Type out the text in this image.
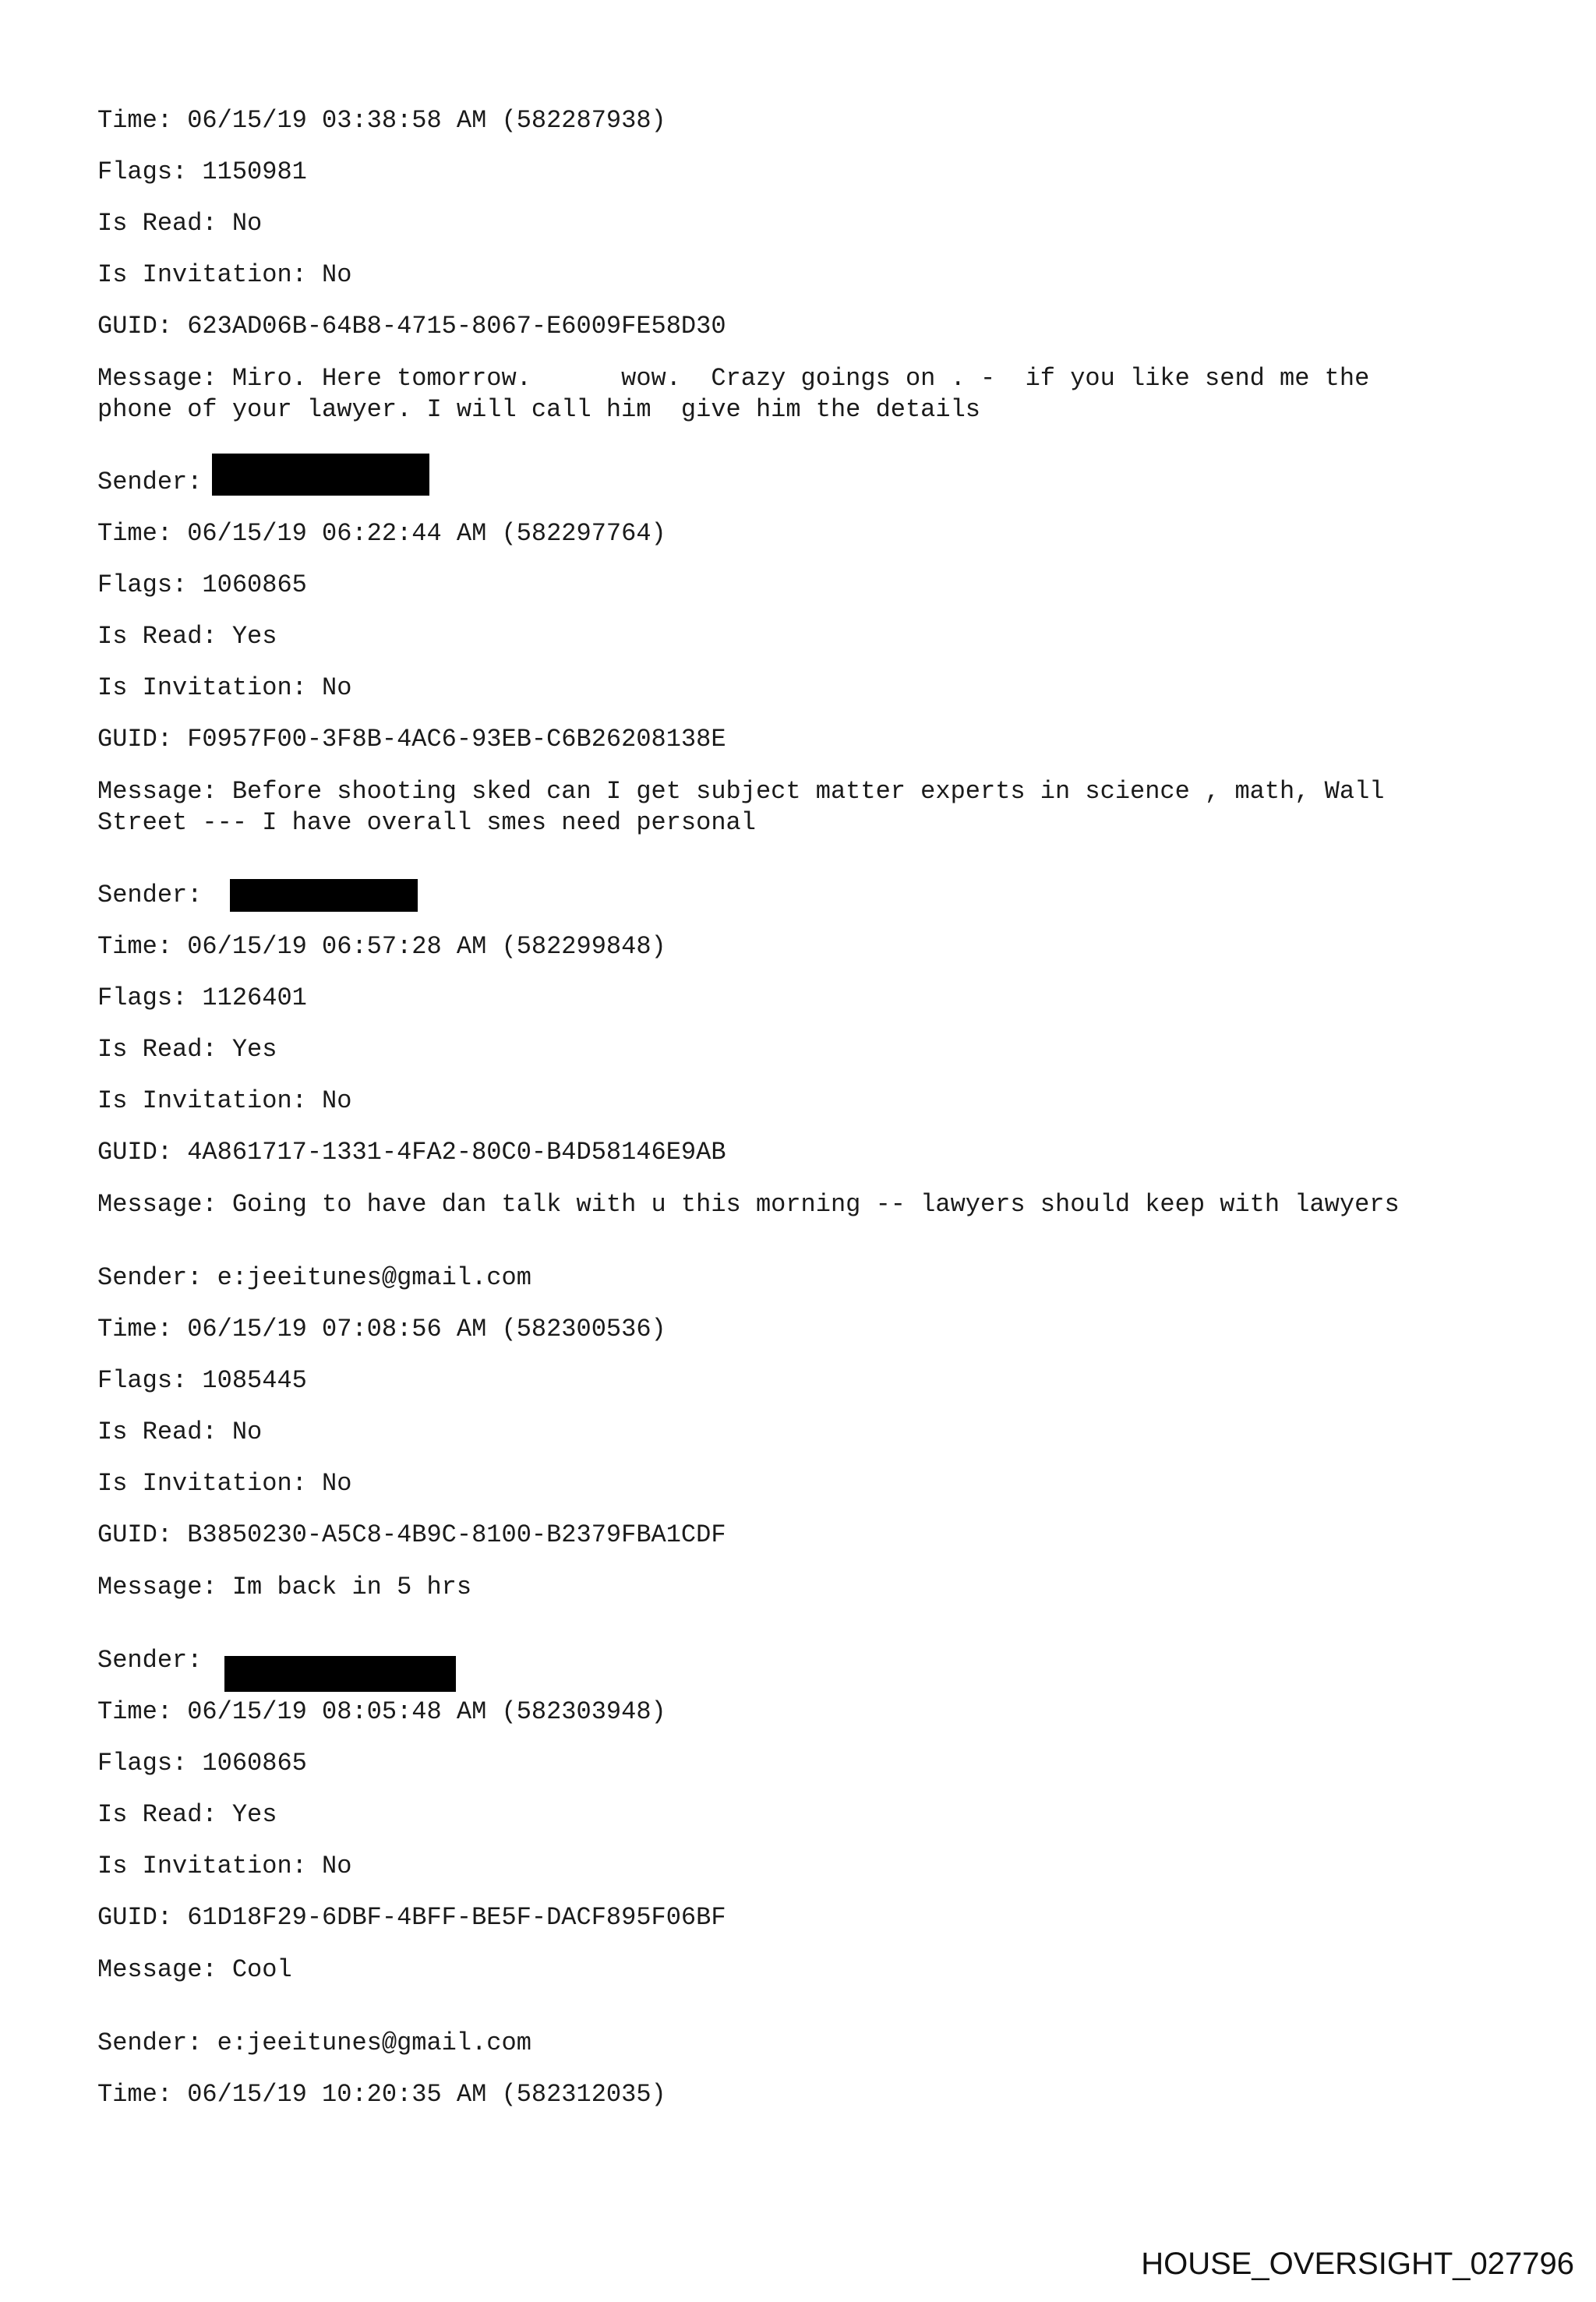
Time: 06/15/19 03:38:58 AM (582287938)
Flags: 1150981
Is Read: No
Is Invitation: No
GUID: 623AD06B-64B8-4715-8067-E6009FE58D30
Message: Miro. Here tomorrow.      wow.  Crazy goings on . -  if you like send me the
phone of your lawyer. I will call him  give him the details
Sender:
Time: 06/15/19 06:22:44 AM (582297764)
Flags: 1060865
Is Read: Yes
Is Invitation: No
GUID: F0957F00-3F8B-4AC6-93EB-C6B26208138E
Message: Before shooting sked can I get subject matter experts in science , math, Wall
Street --- I have overall smes need personal
Sender:
Time: 06/15/19 06:57:28 AM (582299848)
Flags: 1126401
Is Read: Yes
Is Invitation: No
GUID: 4A861717-1331-4FA2-80C0-B4D58146E9AB
Message: Going to have dan talk with u this morning -- lawyers should keep with lawyers
Sender: e:jeeitunes@gmail.com
Time: 06/15/19 07:08:56 AM (582300536)
Flags: 1085445
Is Read: No
Is Invitation: No
GUID: B3850230-A5C8-4B9C-8100-B2379FBA1CDF
Message: Im back in 5 hrs
Sender:
Time: 06/15/19 08:05:48 AM (582303948)
Flags: 1060865
Is Read: Yes
Is Invitation: No
GUID: 61D18F29-6DBF-4BFF-BE5F-DACF895F06BF
Message: Cool
Sender: e:jeeitunes@gmail.com
Time: 06/15/19 10:20:35 AM (582312035)
HOUSE_OVERSIGHT_027796
